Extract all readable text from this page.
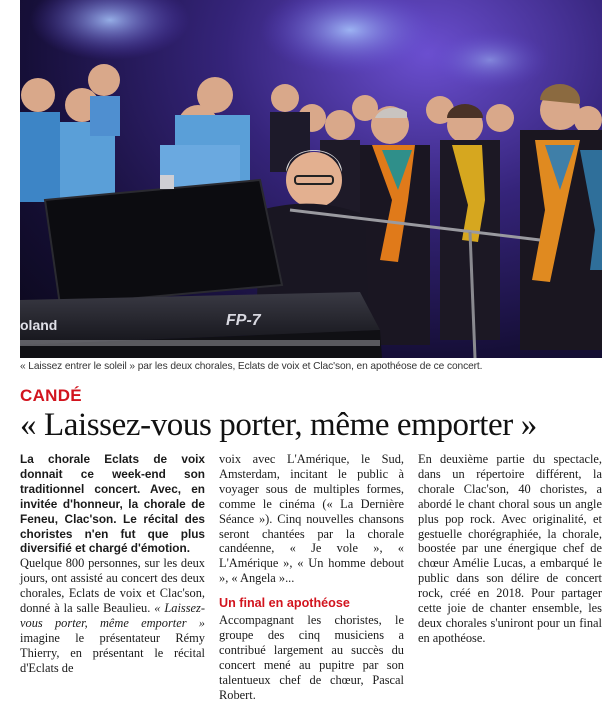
FP-7
oland
« Laissez entrer le soleil » par les deux chorales, Eclats de voix et Clac'son, en apothéose de ce concert.
CANDÉ
« Laissez-vous porter, même emporter »

La chorale Eclats de voix donnait ce week-end son traditionnel concert. Avec, en invitée d'honneur, la chorale de Feneu, Clac'son. Le récital des choristes n'en fut que plus diversifié et chargé d'émotion.

Quelque 800 personnes, sur les deux jours, ont assisté au concert des deux chorales, Eclats de voix et Clac'son, donné à la salle Beaulieu. « Laissez-vous porter, même emporter » imagine le présentateur Rémy Thierry, en présentant le récital d'Eclats de

voix avec L'Amérique, le Sud, Amsterdam, incitant le public à voyager sous de multiples formes, comme le cinéma (« La Dernière Séance »). Cinq nouvelles chansons seront chantées par la chorale candéenne, « Je vole », « L'Amérique », « Un homme debout », « Angela »...

Un final en apothéose

Accompagnant les choristes, le groupe des cinq musiciens a contribué largement au succès du concert mené au pupitre par son talentueux chef de chœur, Pascal Robert.

En deuxième partie du spectacle, dans un répertoire différent, la chorale Clac'son, 40 choristes, a abordé le chant choral sous un angle plus pop rock. Avec originalité, et gestuelle chorégraphiée, la chorale, boostée par une énergique chef de chœur Amélie Lucas, a embarqué le public dans son délire de concert rock, créé en 2018. Pour partager cette joie de chanter ensemble, les deux chorales s'uniront pour un final en apothéose.
